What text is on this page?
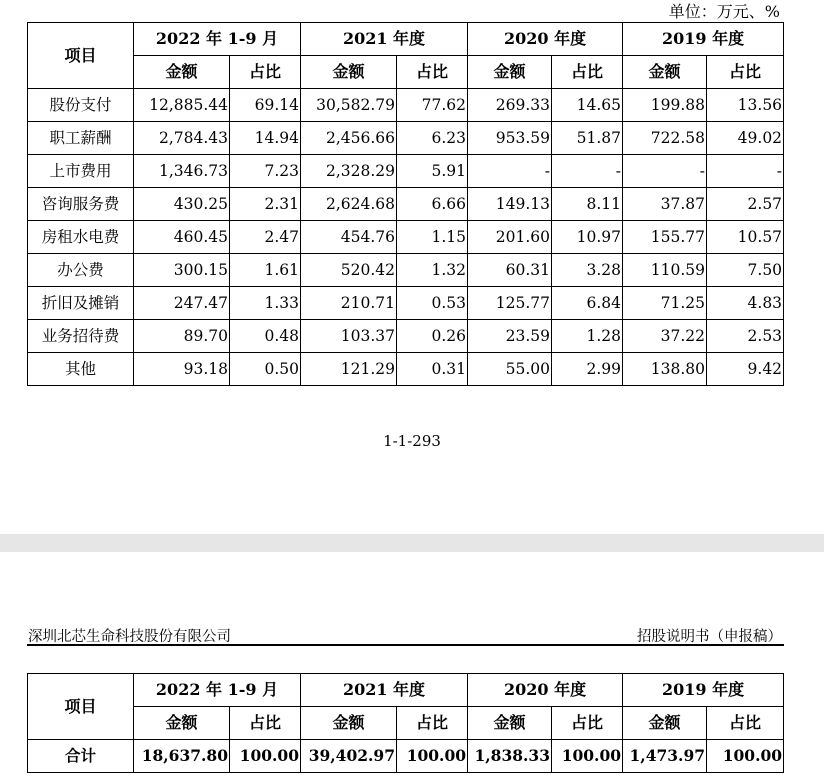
单位：万元、%
项目	2022 年 1-9 月		2021 年度		2020 年度		2019 年度	
	金额	占比	金额	占比	金额	占比	金额	占比
股份支付	12,885.44	69.14	30,582.79	77.62	269.33	14.65	199.88	13.56
职工薪酬	2,784.43	14.94	2,456.66	6.23	953.59	51.87	722.58	49.02
上市费用	1,346.73	7.23	2,328.29	5.91	-	-	-	-
咨询服务费	430.25	2.31	2,624.68	6.66	149.13	8.11	37.87	2.57
房租水电费	460.45	2.47	454.76	1.15	201.60	10.97	155.77	10.57
办公费	300.15	1.61	520.42	1.32	60.31	3.28	110.59	7.50
折旧及摊销	247.47	1.33	210.71	0.53	125.77	6.84	71.25	4.83
业务招待费	89.70	0.48	103.37	0.26	23.59	1.28	37.22	2.53
其他	93.18	0.50	121.29	0.31	55.00	2.99	138.80	9.42
1-1-293
深圳北芯生命科技股份有限公司	招股说明书（申报稿）
项目	2022 年 1-9 月		2021 年度		2020 年度		2019 年度	
	金额	占比	金额	占比	金额	占比	金额	占比
合计	18,637.80	100.00	39,402.97	100.00	1,838.33	100.00	1,473.97	100.00
